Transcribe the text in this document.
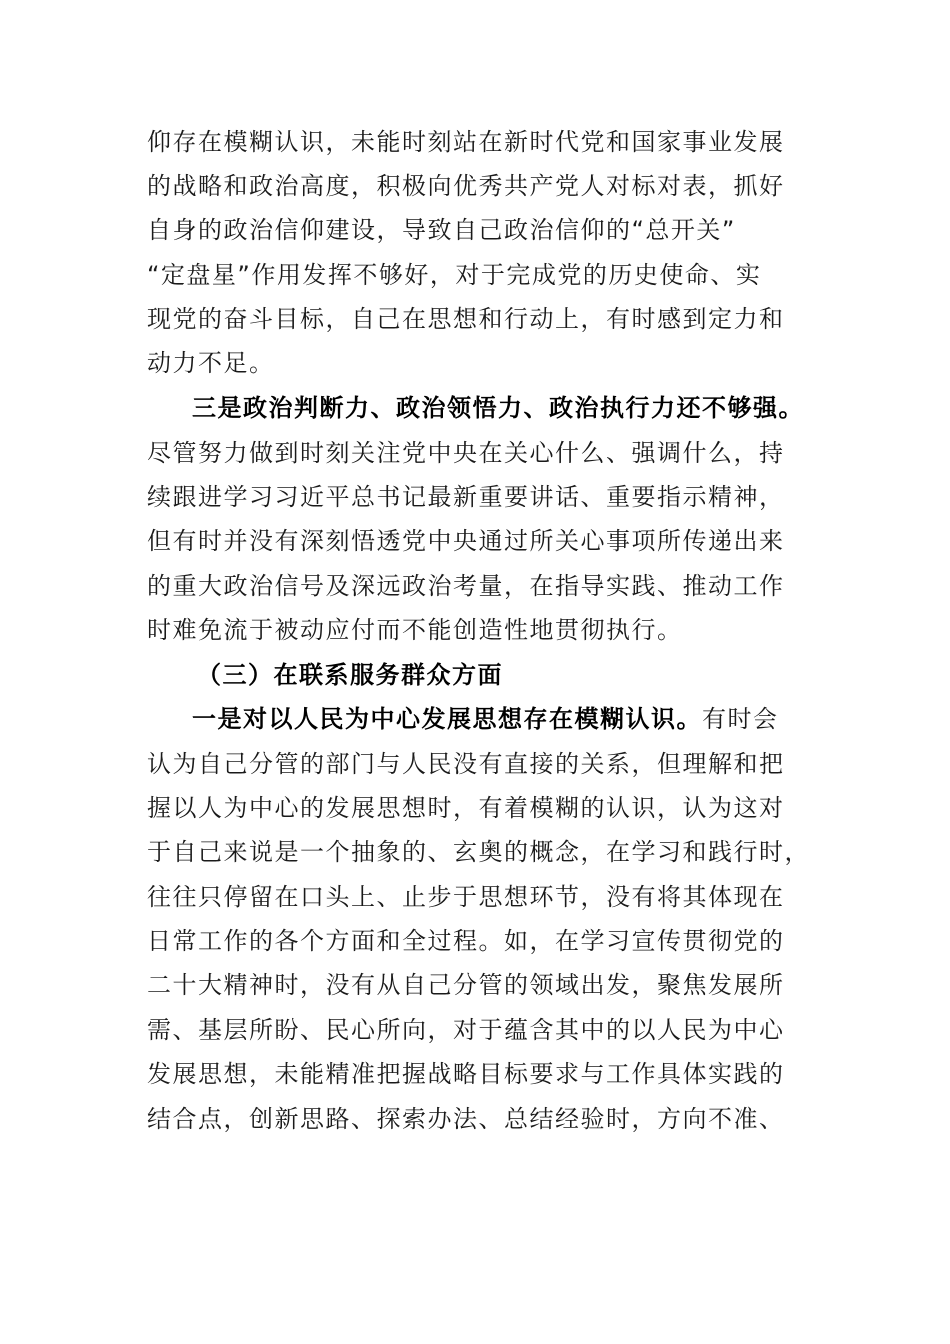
仰存在模糊认识，未能时刻站在新时代党和国家事业发展
的战略和政治高度，积极向优秀共产党人对标对表，抓好
自身的政治信仰建设，导致自己政治信仰的“总开关”
“定盘星”作用发挥不够好，对于完成党的历史使命、实
现党的奋斗目标，自己在思想和行动上，有时感到定力和
动力不足。
三是政治判断力、政治领悟力、政治执行力还不够强。
尽管努力做到时刻关注党中央在关心什么、强调什么，持
续跟进学习习近平总书记最新重要讲话、重要指示精神，
但有时并没有深刻悟透党中央通过所关心事项所传递出来
的重大政治信号及深远政治考量，在指导实践、推动工作
时难免流于被动应付而不能创造性地贯彻执行。
（三）在联系服务群众方面
一是对以人民为中心发展思想存在模糊认识。有时会
认为自己分管的部门与人民没有直接的关系，但理解和把
握以人为中心的发展思想时，有着模糊的认识，认为这对
于自己来说是一个抽象的、玄奥的概念，在学习和践行时，
往往只停留在口头上、止步于思想环节，没有将其体现在
日常工作的各个方面和全过程。如，在学习宣传贯彻党的
二十大精神时，没有从自己分管的领域出发，聚焦发展所
需、基层所盼、民心所向，对于蕴含其中的以人民为中心
发展思想，未能精准把握战略目标要求与工作具体实践的
结合点，创新思路、探索办法、总结经验时，方向不准、
